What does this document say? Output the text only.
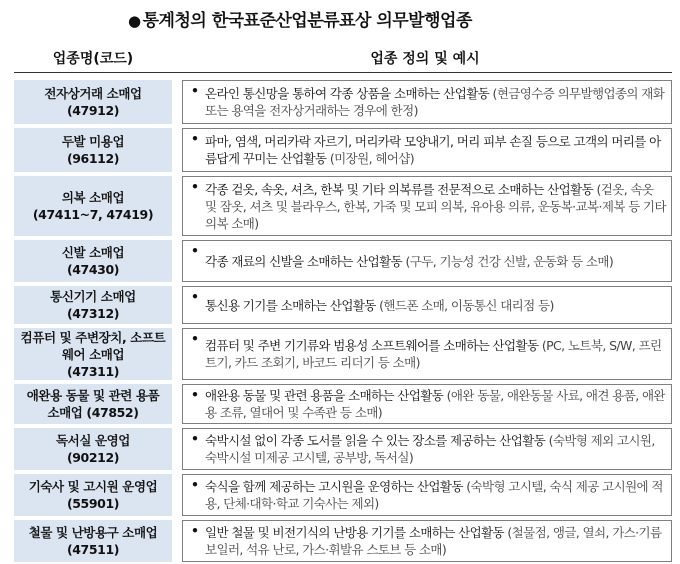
● 통계청의 한국표준산업분류표상 의무발행업종
업종명(코드)	업종 정의 및 예시
전자상거래 소매업
(47912)
• 온라인 통신망을 통하여 각종 상품을 소매하는 산업활동 (현금영수증 의무발행업종의 재화 또는 용역을 전자상거래하는 경우에 한정)
두발 미용업
(96112)
• 파마, 염색, 머리카락 자르기, 머리카락 모양내기, 머리 피부 손질 등으로 고객의 머리를 아름답게 꾸미는 산업활동 (미장원, 헤어샵)
의복 소매업
(47411~7, 47419)
• 각종 겉옷, 속옷, 셔츠, 한복 및 기타 의복류를 전문적으로 소매하는 산업활동 (겉옷, 속옷 및 잠옷, 셔츠 및 블라우스, 한복, 가죽 및 모피 의복, 유아용 의류, 운동복·교복·제복 등 기타 의복 소매)
신발 소매업
(47430)
•
각종 재료의 신발을 소매하는 산업활동 (구두, 기능성 건강 신발, 운동화 등 소매)
통신기기 소매업
(47312)
•
통신용 기기를 소매하는 산업활동 (핸드폰 소매, 이동통신 대리점 등)
컴퓨터 및 주변장치, 소프트웨어 소매업
(47311)
• 컴퓨터 및 주변 기기류와 범용성 소프트웨어를 소매하는 산업활동 (PC, 노트북, S/W, 프린트기, 카드 조회기, 바코드 리더기 등 소매)
애완용 동물 및 관련 용품 소매업 (47852)
• 애완용 동물 및 관련 용품을 소매하는 산업활동 (애완 동물, 애완동물 사료, 애견 용품, 애완용 조류, 열대어 및 수족관 등 소매)
독서실 운영업
(90212)
• 숙박시설 없이 각종 도서를 읽을 수 있는 장소를 제공하는 산업활동 (숙박형 제외 고시원, 숙박시설 미제공 고시텔, 공부방, 독서실)
기숙사 및 고시원 운영업
(55901)
• 숙식을 함께 제공하는 고시원을 운영하는 산업활동 (숙박형 고시텔, 숙식 제공 고시원에 적용, 단체·대학·학교 기숙사는 제외)
철물 및 난방용구 소매업
(47511)
• 일반 철물 및 비전기식의 난방용 기기를 소매하는 산업활동 (철물점, 앵글, 열쇠, 가스·기름 보일러, 석유 난로, 가스·휘발유 스토브 등 소매)
